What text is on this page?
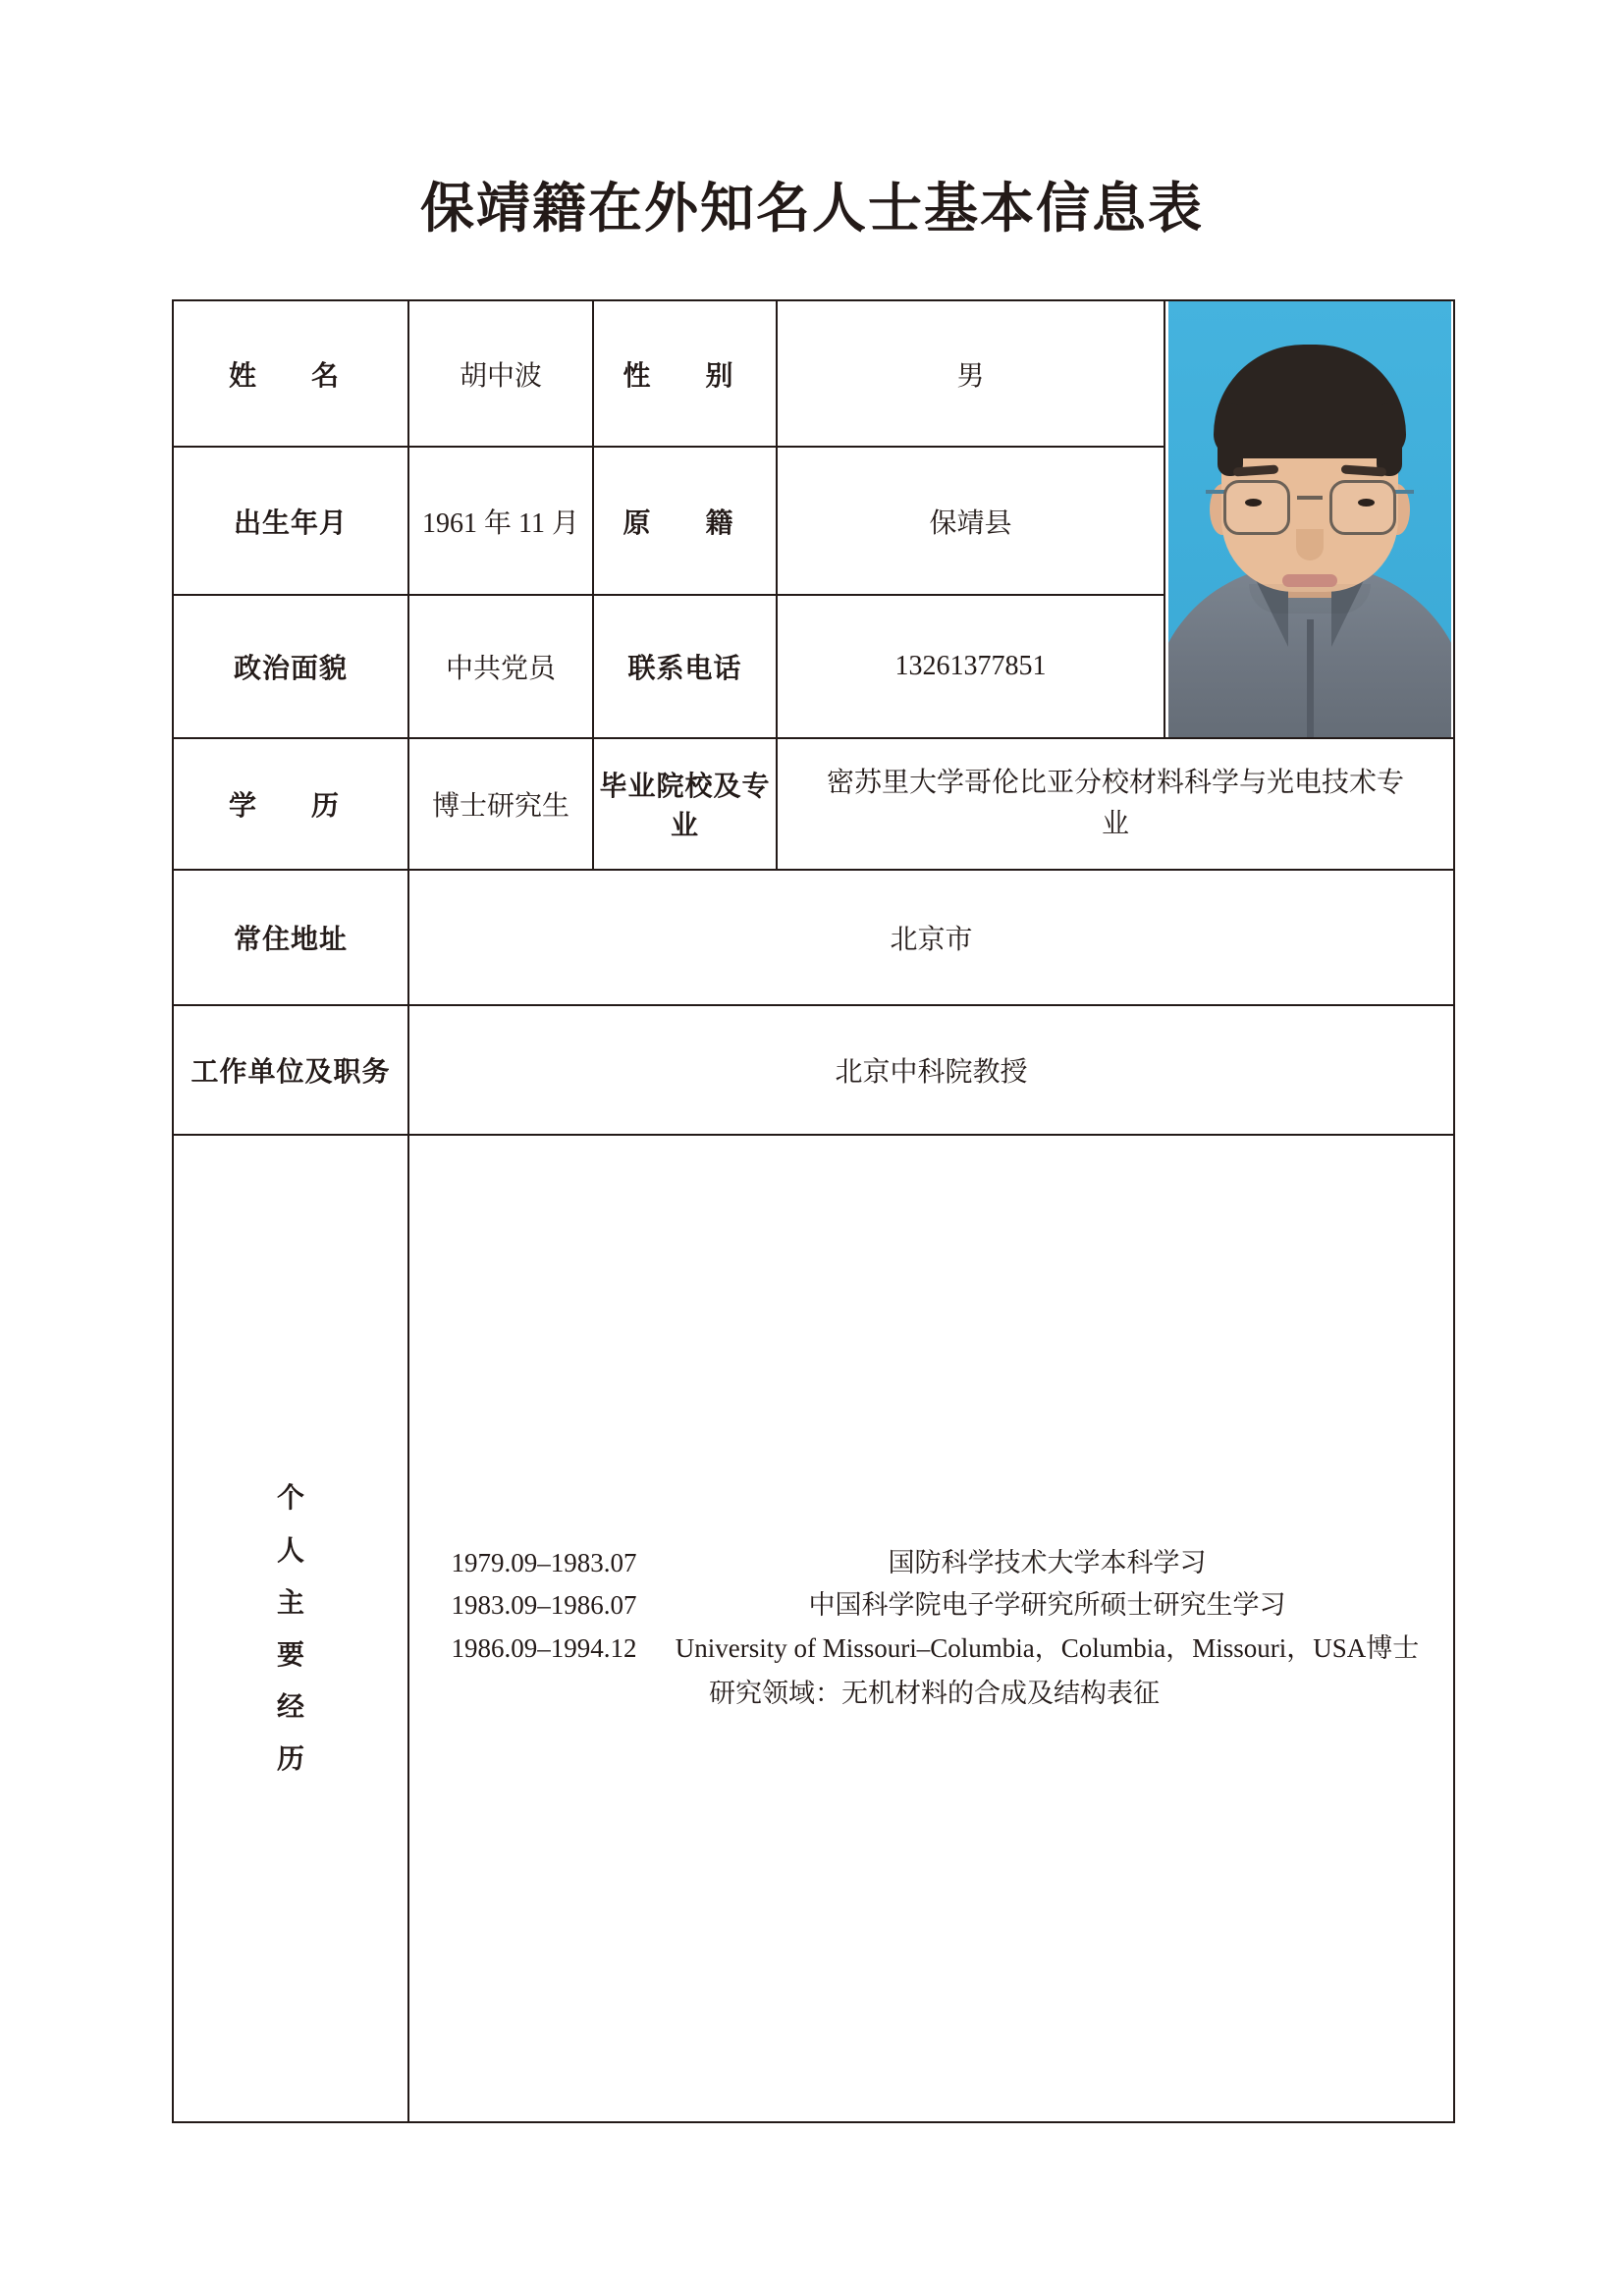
保靖籍在外知名人士基本信息表
姓　名	胡中波	性　别	男	

出生年月	1961 年 11 月	原　籍	保靖县	
政治面貌	中共党员	联系电话	13261377851	
学　历	博士研究生	毕业院校及专业	密苏里大学哥伦比亚分校材料科学与光电技术专业	
常住地址	北京市			
工作单位及职务	北京中科院教授			

个
人
主
要
经
历

1979.09–1983.07	国防科学技术大学本科学习
1983.09–1986.07	中国科学院电子学研究所硕士研究生学习
1986.09–1994.12	University of Missouri–Columbia，Columbia，Missouri，USA博士
研究领域：无机材料的合成及结构表征
